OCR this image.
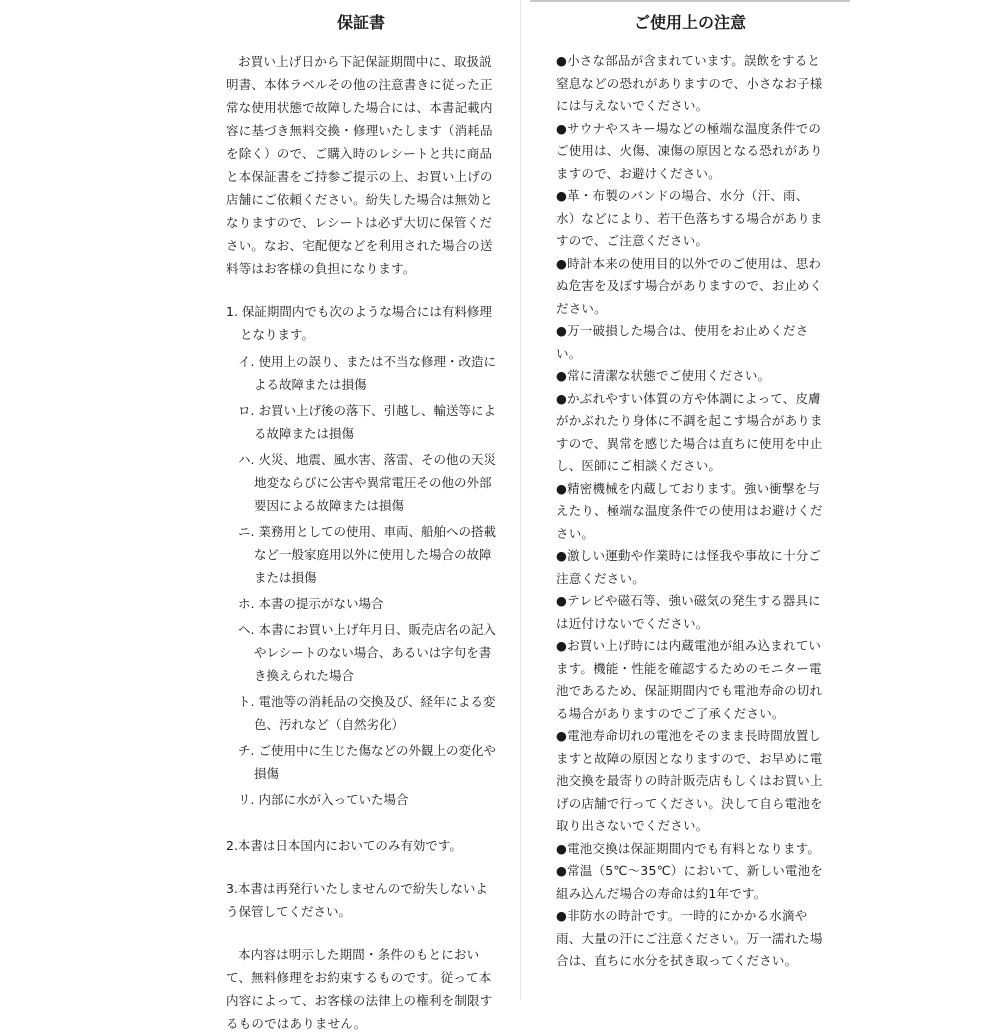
保証書

お買い上げ日から下記保証期間中に、取扱説明書、本体ラベルその他の注意書きに従った正常な使用状態で故障した場合には、本書記載内容に基づき無料交換・修理いたします（消耗品を除く）ので、ご購入時のレシートと共に商品と本保証書をご持参ご提示の上、お買い上げの店舗にご依頼ください。紛失した場合は無効となりますので、レシートは必ず大切に保管ください。なお、宅配便などを利用された場合の送料等はお客様の負担になります。

1. 保証期間内でも次のような場合には有料修理となります。
イ. 使用上の誤り、または不当な修理・改造による故障または損傷
ロ. お買い上げ後の落下、引越し、輸送等による故障または損傷
ハ. 火災、地震、風水害、落雷、その他の天災地変ならびに公害や異常電圧その他の外部要因による故障または損傷
ニ. 業務用としての使用、車両、船舶への搭載など一般家庭用以外に使用した場合の故障または損傷
ホ. 本書の提示がない場合
ヘ. 本書にお買い上げ年月日、販売店名の記入やレシートのない場合、あるいは字句を書き換えられた場合
ト. 電池等の消耗品の交換及び、経年による変色、汚れなど（自然劣化）
チ. ご使用中に生じた傷などの外観上の変化や損傷
リ. 内部に水が入っていた場合

2.本書は日本国内においてのみ有効です。

3.本書は再発行いたしませんので紛失しないよう保管してください。

本内容は明示した期間・条件のもとにおいて、無料修理をお約束するものです。従って本内容によって、お客様の法律上の権利を制限するものではありません。

ご使用上の注意
●小さな部品が含まれています。誤飲をすると窒息などの恐れがありますので、小さなお子様には与えないでください。
●サウナやスキー場などの極端な温度条件でのご使用は、火傷、凍傷の原因となる恐れがありますので、お避けください。
●革・布製のバンドの場合、水分（汗、雨、水）などにより、若干色落ちする場合がありますので、ご注意ください。
●時計本来の使用目的以外でのご使用は、思わぬ危害を及ぼす場合がありますので、お止めください。
●万一破損した場合は、使用をお止めください。
●常に清潔な状態でご使用ください。
●かぶれやすい体質の方や体調によって、皮膚がかぶれたり身体に不調を起こす場合がありますので、異常を感じた場合は直ちに使用を中止し、医師にご相談ください。
●精密機械を内蔵しております。強い衝撃を与えたり、極端な温度条件での使用はお避けください。
●激しい運動や作業時には怪我や事故に十分ご注意ください。
●テレビや磁石等、強い磁気の発生する器具には近付けないでください。
●お買い上げ時には内蔵電池が組み込まれています。機能・性能を確認するためのモニター電池であるため、保証期間内でも電池寿命の切れる場合がありますのでご了承ください。
●電池寿命切れの電池をそのまま長時間放置しますと故障の原因となりますので、お早めに電池交換を最寄りの時計販売店もしくはお買い上げの店舗で行ってください。決して自ら電池を取り出さないでください。
●電池交換は保証期間内でも有料となります。
●常温（5℃〜35℃）において、新しい電池を組み込んだ場合の寿命は約1年です。
●非防水の時計です。一時的にかかる水滴や雨、大量の汗にご注意ください。万一濡れた場合は、直ちに水分を拭き取ってください。
